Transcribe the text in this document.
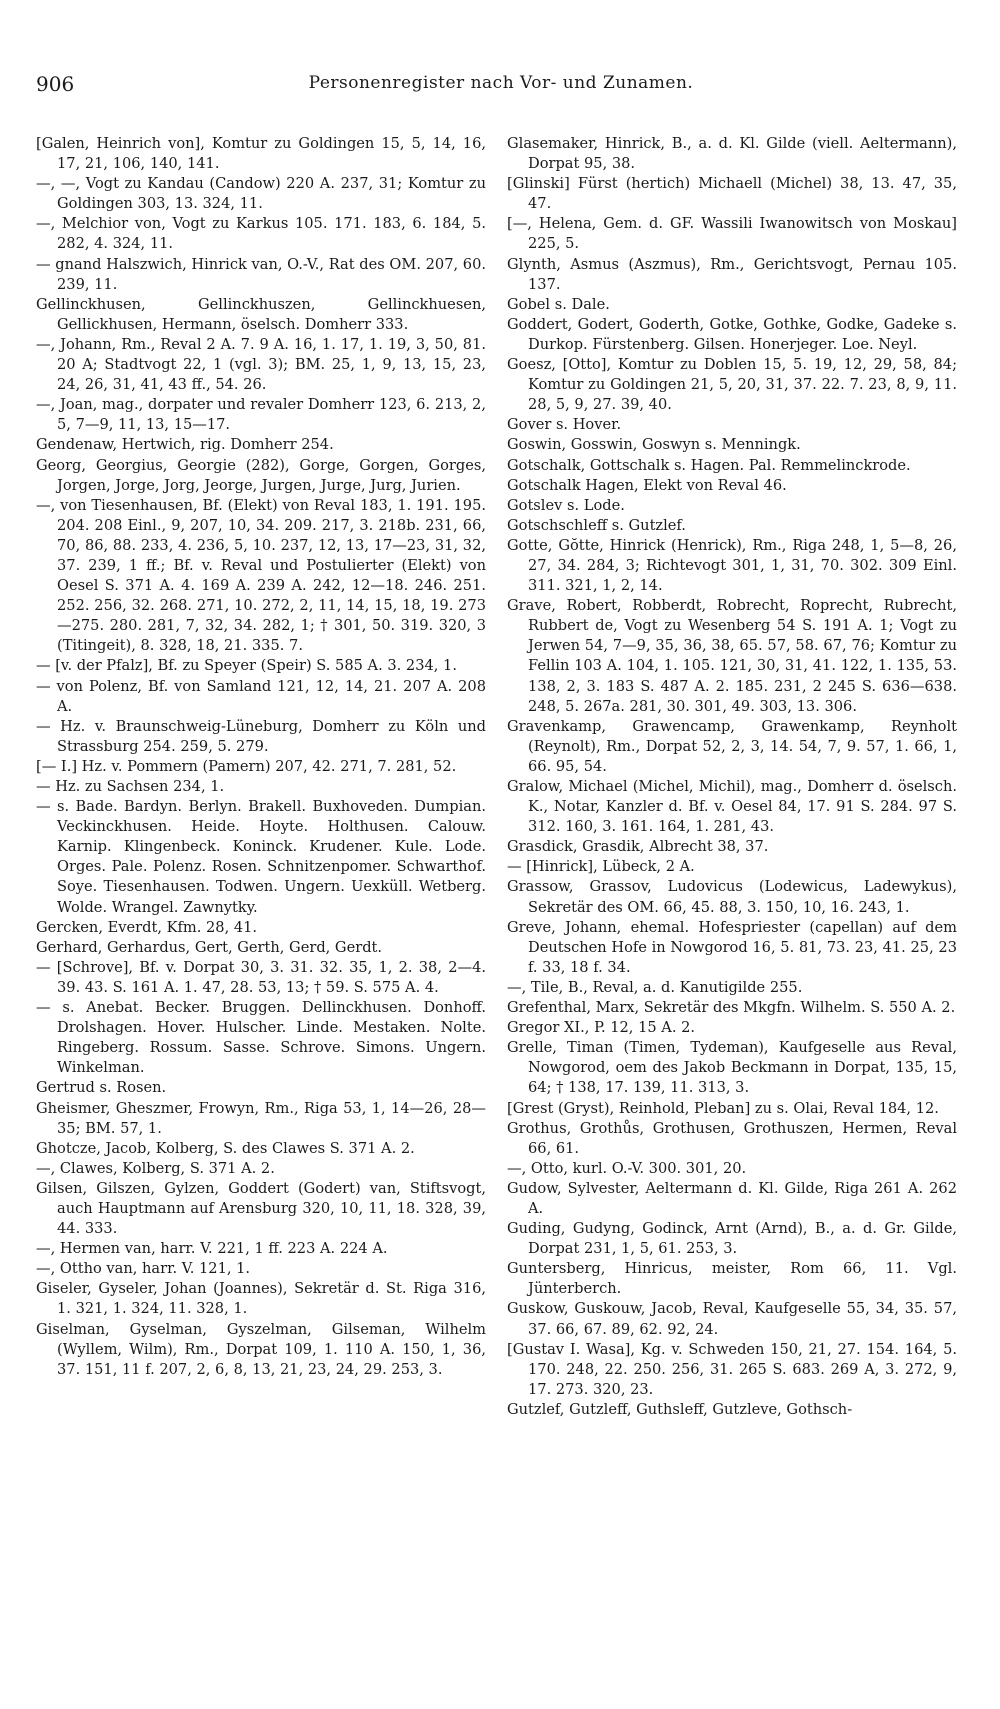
906	Personenregister nach Vor- und Zunamen.

[Galen, Heinrich von], Komtur zu Goldingen 15, 5, 14, 16, 17, 21, 106, 140, 141.

—, —, Vogt zu Kandau (Candow) 220 A. 237, 31; Komtur zu Goldingen 303, 13. 324, 11.

—, Melchior von, Vogt zu Karkus 105. 171. 183, 6. 184, 5. 282, 4. 324, 11.

— gnand Halszwich, Hinrick van, O.-V., Rat des OM. 207, 60. 239, 11.

Gellinckhusen, Gellinckhuszen, Gellinckhuesen, Gellickhusen, Hermann, öselsch. Domherr 333.

—, Johann, Rm., Reval 2 A. 7. 9 A. 16, 1. 17, 1. 19, 3, 50, 81. 20 A; Stadtvogt 22, 1 (vgl. 3); BM. 25, 1, 9, 13, 15, 23, 24, 26, 31, 41, 43 ff., 54. 26.

—, Joan, mag., dorpater und revaler Domherr 123, 6. 213, 2, 5, 7—9, 11, 13, 15—17.

Gendenaw, Hertwich, rig. Domherr 254.

Georg, Georgius, Georgie (282), Gorge, Gorgen, Gorges, Jorgen, Jorge, Jorg, Jeorge, Jurgen, Jurge, Jurg, Jurien.

—, von Tiesenhausen, Bf. (Elekt) von Reval 183, 1. 191. 195. 204. 208 Einl., 9, 207, 10, 34. 209. 217, 3. 218b. 231, 66, 70, 86, 88. 233, 4. 236, 5, 10. 237, 12, 13, 17—23, 31, 32, 37. 239, 1 ff.; Bf. v. Reval und Postulierter (Elekt) von Oesel S. 371 A. 4. 169 A. 239 A. 242, 12—18. 246. 251. 252. 256, 32. 268. 271, 10. 272, 2, 11, 14, 15, 18, 19. 273—275. 280. 281, 7, 32, 34. 282, 1; † 301, 50. 319. 320, 3 (Titingeit), 8. 328, 18, 21. 335. 7.

— [v. der Pfalz], Bf. zu Speyer (Speir) S. 585 A. 3. 234, 1.

— von Polenz, Bf. von Samland 121, 12, 14, 21. 207 A. 208 A.

— Hz. v. Braunschweig-Lüneburg, Domherr zu Köln und Strassburg 254. 259, 5. 279.

[— I.] Hz. v. Pommern (Pamern) 207, 42. 271, 7. 281, 52.

— Hz. zu Sachsen 234, 1.

— s. Bade. Bardyn. Berlyn. Brakell. Buxhoveden. Dumpian. Veckinckhusen. Heide. Hoyte. Holthusen. Calouw. Karnip. Klingenbeck. Koninck. Krudener. Kule. Lode. Orges. Pale. Polenz. Rosen. Schnitzenpomer. Schwarthof. Soye. Tiesenhausen. Todwen. Ungern. Uexküll. Wetberg. Wolde. Wrangel. Zawnytky.

Gercken, Everdt, Kfm. 28, 41.

Gerhard, Gerhardus, Gert, Gerth, Gerd, Gerdt.

— [Schrove], Bf. v. Dorpat 30, 3. 31. 32. 35, 1, 2. 38, 2—4. 39. 43. S. 161 A. 1. 47, 28. 53, 13; † 59. S. 575 A. 4.

— s. Anebat. Becker. Bruggen. Dellinckhusen. Donhoff. Drolshagen. Hover. Hulscher. Linde. Mestaken. Nolte. Ringeberg. Rossum. Sasse. Schrove. Simons. Ungern. Winkelman.

Gertrud s. Rosen.

Gheismer, Gheszmer, Frowyn, Rm., Riga 53, 1, 14—26, 28—35; BM. 57, 1.

Ghotcze, Jacob, Kolberg, S. des Clawes S. 371 A. 2.

—, Clawes, Kolberg, S. 371 A. 2.

Gilsen, Gilszen, Gylzen, Goddert (Godert) van, Stiftsvogt, auch Hauptmann auf Arensburg 320, 10, 11, 18. 328, 39, 44. 333.

—, Hermen van, harr. V. 221, 1 ff. 223 A. 224 A.

—, Ottho van, harr. V. 121, 1.

Giseler, Gyseler, Johan (Joannes), Sekretär d. St. Riga 316, 1. 321, 1. 324, 11. 328, 1.

Giselman, Gyselman, Gyszelman, Gilseman, Wilhelm (Wyllem, Wilm), Rm., Dorpat 109, 1. 110 A. 150, 1, 36, 37. 151, 11 f. 207, 2, 6, 8, 13, 21, 23, 24, 29. 253, 3.

Glasemaker, Hinrick, B., a. d. Kl. Gilde (viell. Aeltermann), Dorpat 95, 38.

[Glinski] Fürst (hertich) Michaell (Michel) 38, 13. 47, 35, 47.

[—, Helena, Gem. d. GF. Wassili Iwanowitsch von Moskau] 225, 5.

Glynth, Asmus (Aszmus), Rm., Gerichtsvogt, Pernau 105. 137.

Gobel s. Dale.

Goddert, Godert, Goderth, Gotke, Gothke, Godke, Gadeke s. Durkop. Fürstenberg. Gilsen. Honerjeger. Loe. Neyl.

Goesz, [Otto], Komtur zu Doblen 15, 5. 19, 12, 29, 58, 84; Komtur zu Goldingen 21, 5, 20, 31, 37. 22. 7. 23, 8, 9, 11. 28, 5, 9, 27. 39, 40.

Gover s. Hover.

Goswin, Gosswin, Goswyn s. Menningk.

Gotschalk, Gottschalk s. Hagen. Pal. Remmelinckrode.

Gotschalk Hagen, Elekt von Reval 46.

Gotslev s. Lode.

Gotschschleff s. Gutzlef.

Gotte, Gŏtte, Hinrick (Henrick), Rm., Riga 248, 1, 5—8, 26, 27, 34. 284, 3; Richtevogt 301, 1, 31, 70. 302. 309 Einl. 311. 321, 1, 2, 14.

Grave, Robert, Robberdt, Robrecht, Roprecht, Rubrecht, Rubbert de, Vogt zu Wesenberg 54 S. 191 A. 1; Vogt zu Jerwen 54, 7—9, 35, 36, 38, 65. 57, 58. 67, 76; Komtur zu Fellin 103 A. 104, 1. 105. 121, 30, 31, 41. 122, 1. 135, 53. 138, 2, 3. 183 S. 487 A. 2. 185. 231, 2 245 S. 636—638. 248, 5. 267a. 281, 30. 301, 49. 303, 13. 306.

Gravenkamp, Grawencamp, Grawenkamp, Reynholt (Reynolt), Rm., Dorpat 52, 2, 3, 14. 54, 7, 9. 57, 1. 66, 1, 66. 95, 54.

Gralow, Michael (Michel, Michil), mag., Domherr d. öselsch. K., Notar, Kanzler d. Bf. v. Oesel 84, 17. 91 S. 284. 97 S. 312. 160, 3. 161. 164, 1. 281, 43.

Grasdick, Grasdik, Albrecht 38, 37.

— [Hinrick], Lübeck, 2 A.

Grassow, Grassov, Ludovicus (Lodewicus, Ladewykus), Sekretär des OM. 66, 45. 88, 3. 150, 10, 16. 243, 1.

Greve, Johann, ehemal. Hofespriester (capellan) auf dem Deutschen Hofe in Nowgorod 16, 5. 81, 73. 23, 41. 25, 23 f. 33, 18 f. 34.

—, Tile, B., Reval, a. d. Kanutigilde 255.

Grefenthal, Marx, Sekretär des Mkgfn. Wilhelm. S. 550 A. 2.

Gregor XI., P. 12, 15 A. 2.

Grelle, Timan (Timen, Tydeman), Kaufgeselle aus Reval, Nowgorod, oem des Jakob Beckmann in Dorpat, 135, 15, 64; † 138, 17. 139, 11. 313, 3.

[Grest (Gryst), Reinhold, Pleban] zu s. Olai, Reval 184, 12.

Grothus, Grothůs, Grothusen, Grothuszen, Hermen, Reval 66, 61.

—, Otto, kurl. O.-V. 300. 301, 20.

Gudow, Sylvester, Aeltermann d. Kl. Gilde, Riga 261 A. 262 A.

Guding, Gudyng, Godinck, Arnt (Arnd), B., a. d. Gr. Gilde, Dorpat 231, 1, 5, 61. 253, 3.

Guntersberg, Hinricus, meister, Rom 66, 11. Vgl. Jünterberch.

Guskow, Guskouw, Jacob, Reval, Kaufgeselle 55, 34, 35. 57, 37. 66, 67. 89, 62. 92, 24.

[Gustav I. Wasa], Kg. v. Schweden 150, 21, 27. 154. 164, 5. 170. 248, 22. 250. 256, 31. 265 S. 683. 269 A, 3. 272, 9, 17. 273. 320, 23.

Gutzlef, Gutzleff, Guthsleff, Gutzleve, Gothsch-
